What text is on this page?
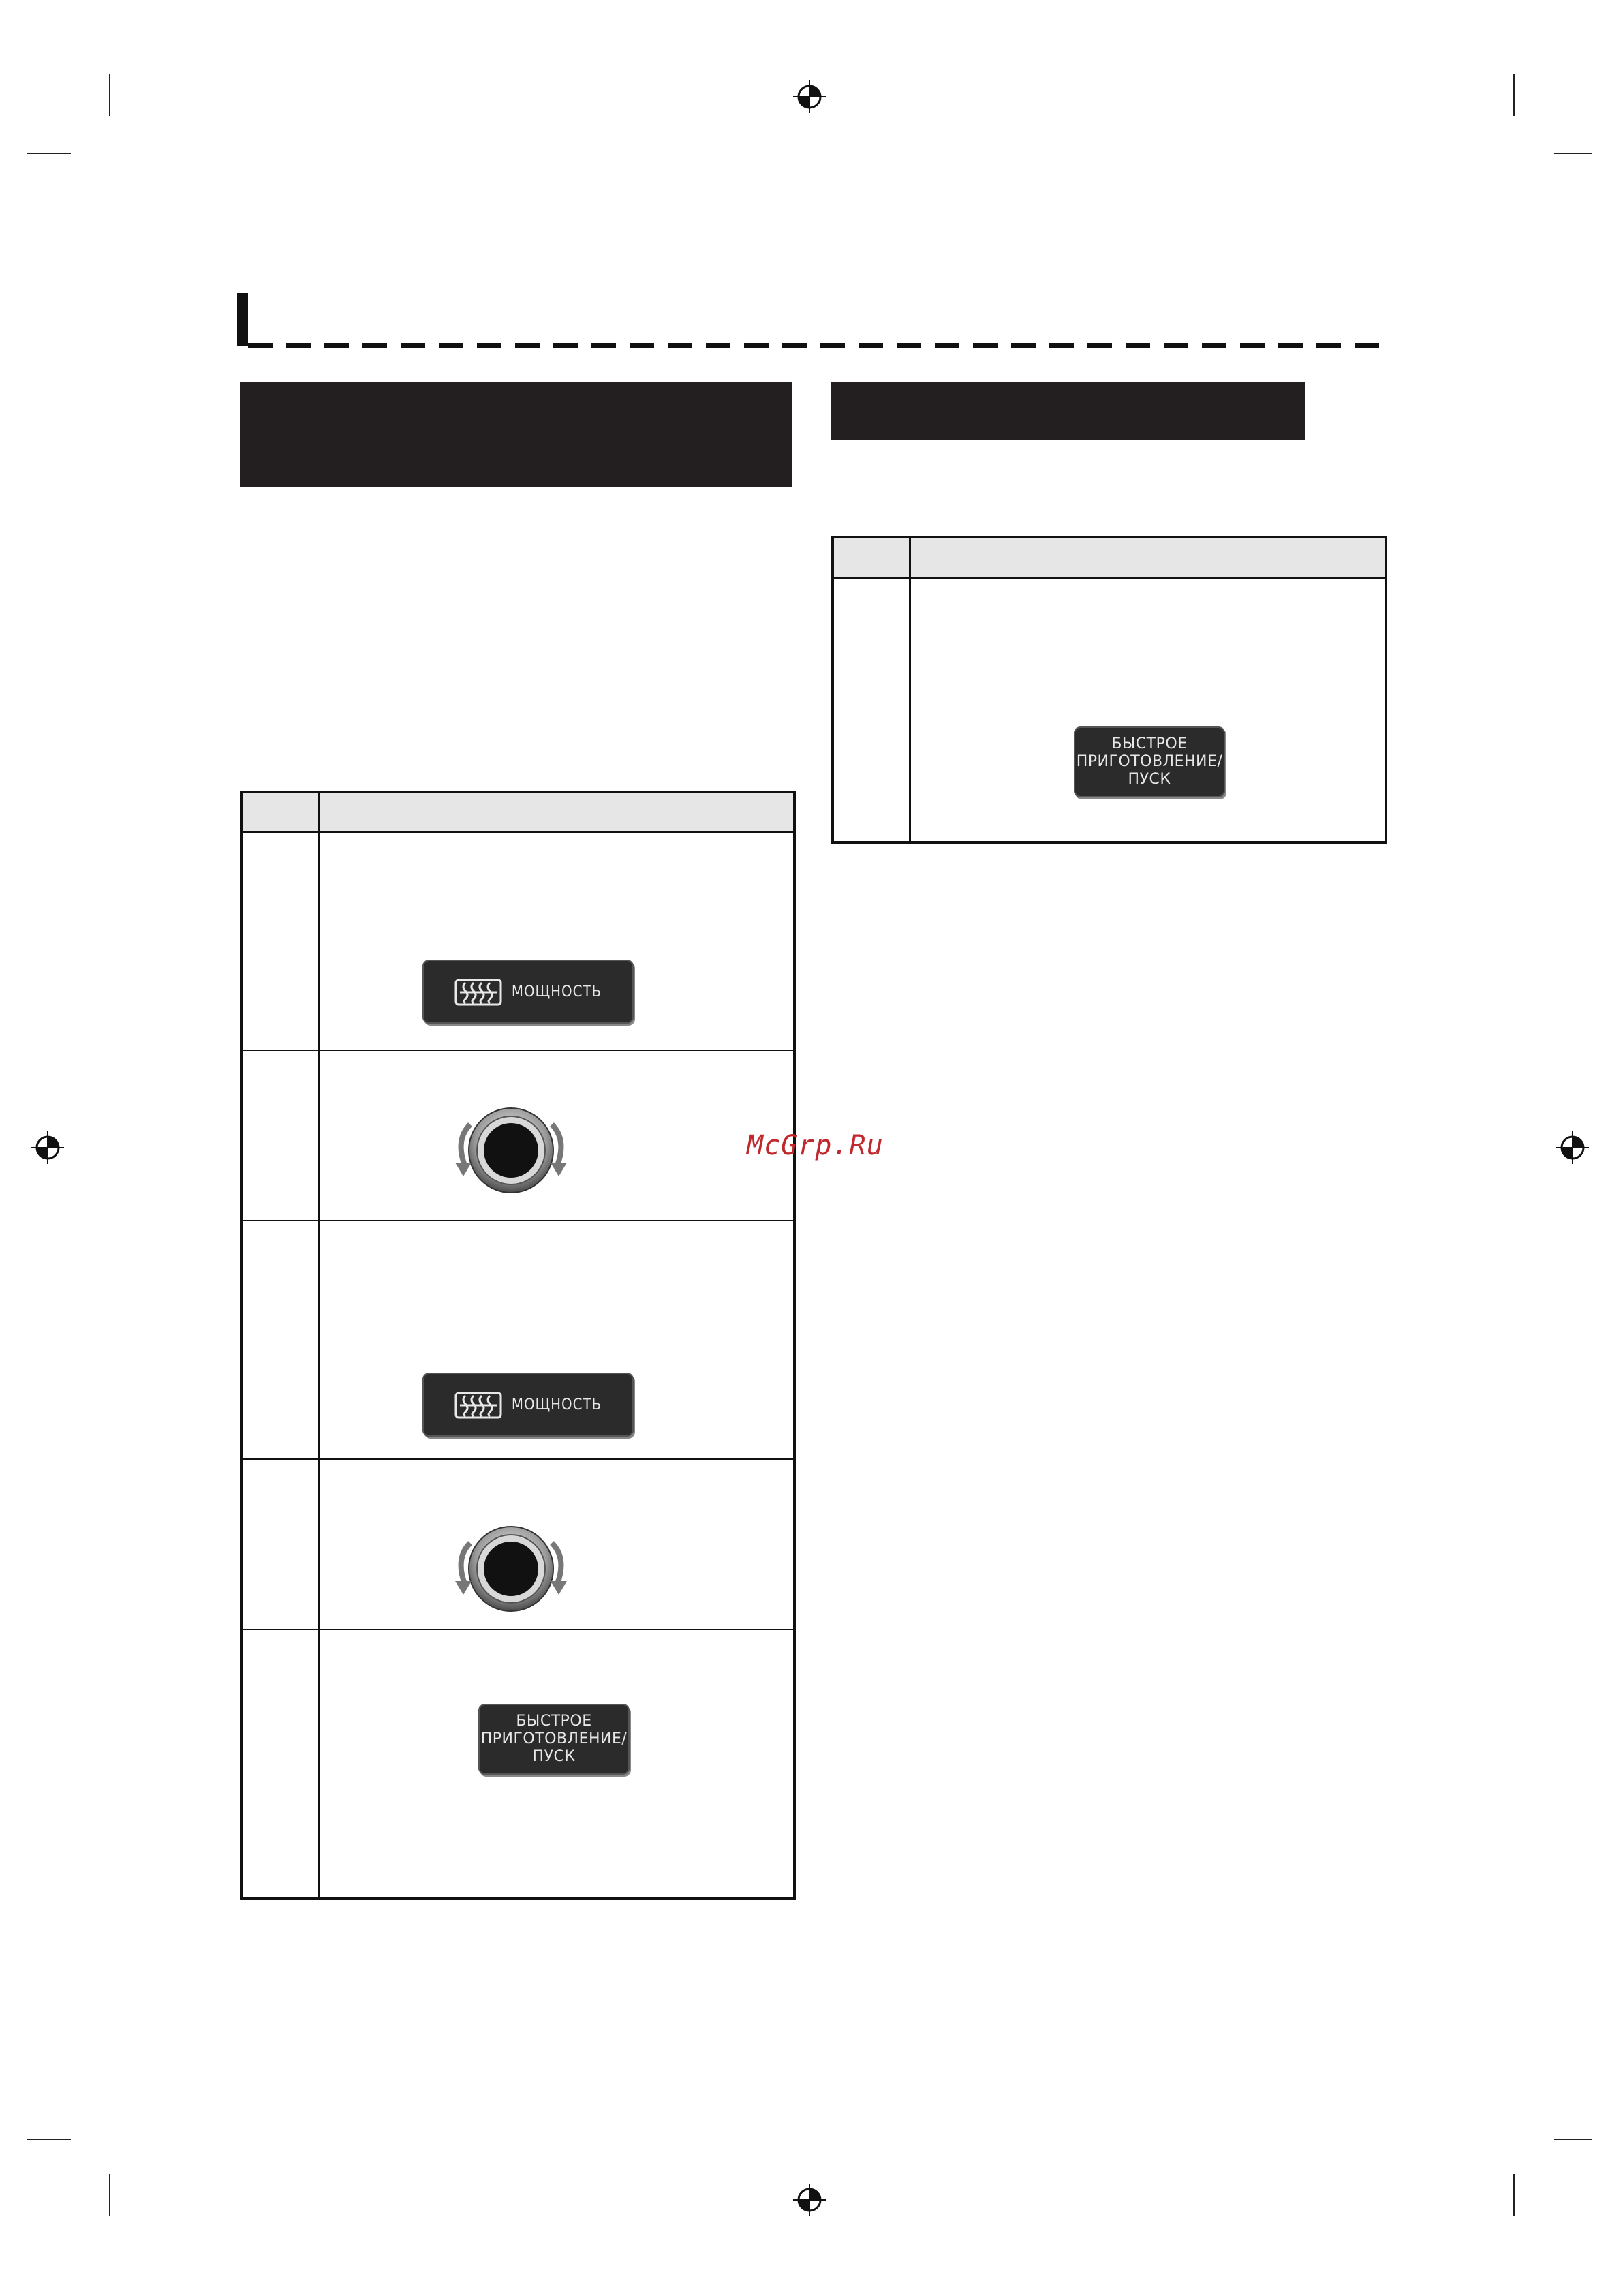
МОЩНОСТЬ
МОЩНОСТЬ
БЫСТРОЕ
ПРИГОТОВЛЕНИЕ/
ПУСК
БЫСТРОЕ
ПРИГОТОВЛЕНИЕ/
ПУСК
McGrp.Ru
